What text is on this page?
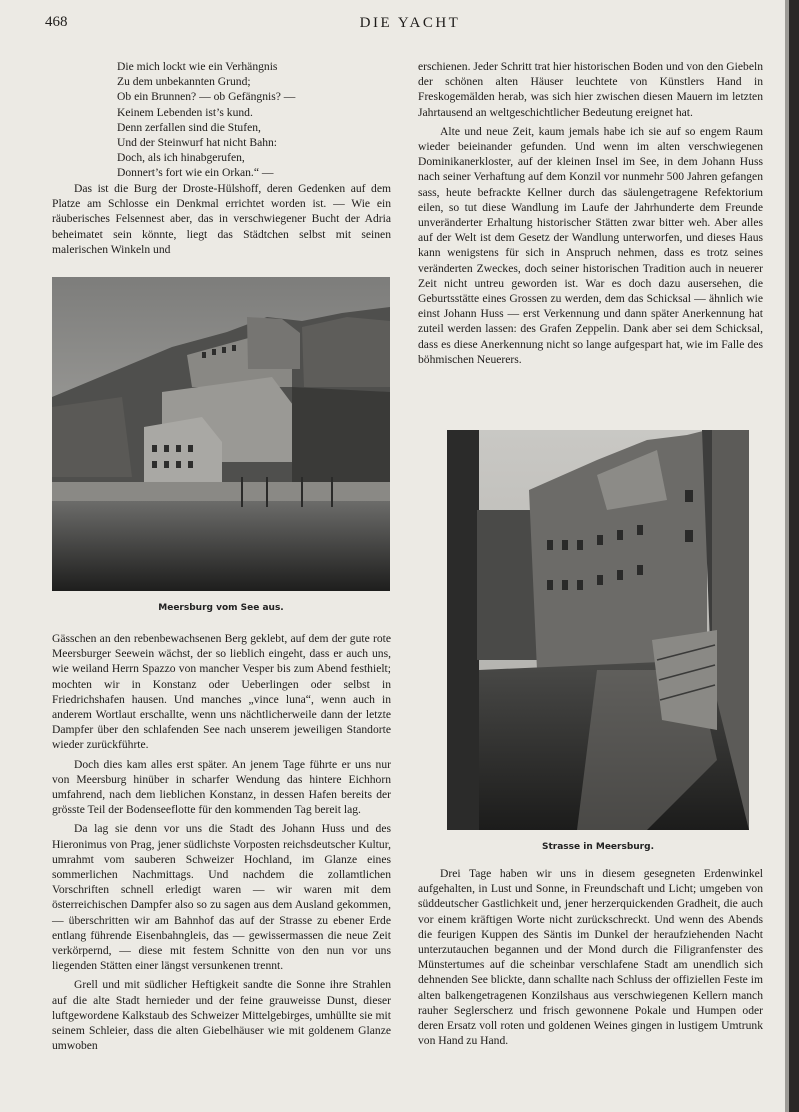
468	DIE YACHT
Die mich lockt wie ein Verhängnis
Zu dem unbekannten Grund;
Ob ein Brunnen? — ob Gefängnis? —
Keinem Lebenden ist’s kund.
Denn zerfallen sind die Stufen,
Und der Steinwurf hat nicht Bahn:
Doch, als ich hinabgerufen,
Donnert’s fort wie ein Orkan.“ —

Das ist die Burg der Droste-Hülshoff, deren Gedenken auf dem Platze am Schlosse ein Denkmal errichtet worden ist. — Wie ein räuberisches Felsennest aber, das in verschwiegener Bucht der Adria beheimatet sein könnte, liegt das Städtchen selbst mit seinen malerischen Winkeln und

Meersburg vom See aus.

Gässchen an den rebenbewachsenen Berg geklebt, auf dem der gute rote Meersburger Seewein wächst, der so lieblich eingeht, dass er auch uns, wie weiland Herrn Spazzo von mancher Vesper bis zum Abend festhielt; mochten wir in Konstanz oder Ueberlingen oder selbst in Friedrichshafen hausen. Und manches „vince luna“, wenn auch in anderem Wortlaut erschallte, wenn uns nächtlicherweile dann der letzte Dampfer über den schlafenden See nach unserem jeweiligen Standorte wieder zurückführte.

Doch dies kam alles erst später. An jenem Tage führte er uns nur von Meersburg hinüber in scharfer Wendung das hintere Eichhorn umfahrend, nach dem lieblichen Konstanz, in dessen Hafen bereits der grösste Teil der Bodenseeflotte für den kommenden Tag bereit lag.

Da lag sie denn vor uns die Stadt des Johann Huss und des Hieronimus von Prag, jener südlichste Vorposten reichsdeutscher Kultur, umrahmt vom sauberen Schweizer Hochland, im Glanze eines sommerlichen Nachmittags. Und nachdem die zollamtlichen Vorschriften schnell erledigt waren — wir waren mit dem österreichischen Dampfer also so zu sagen aus dem Ausland gekommen, — überschritten wir am Bahnhof das auf der Strasse zu ebener Erde entlang führende Eisenbahngleis, das — gewissermassen die neue Zeit verkörpernd, — diese mit festem Schnitte von den nun vor uns liegenden Stätten einer längst versunkenen trennt.

Grell und mit südlicher Heftigkeit sandte die Sonne ihre Strahlen auf die alte Stadt hernieder und der feine grauweisse Dunst, dieser luftgewordene Kalkstaub des Schweizer Mittelgebirges, umhüllte sie mit seinem Schleier, dass die alten Giebelhäuser wie mit goldenem Glanze umwoben

erschienen. Jeder Schritt trat hier historischen Boden und von den Giebeln der schönen alten Häuser leuchtete von Künstlers Hand in Freskogemälden herab, was sich hier zwischen diesen Mauern im letzten Jahrtausend an weltgeschichtlicher Bedeutung ereignet hat.

Alte und neue Zeit, kaum jemals habe ich sie auf so engem Raum wieder beieinander gefunden. Und wenn im alten verschwiegenen Dominikanerkloster, auf der kleinen Insel im See, in dem Johann Huss nach seiner Verhaftung auf dem Konzil vor nunmehr 500 Jahren gefangen sass, heute befrackte Kellner durch das säulengetragene Refektorium eilen, so tut diese Wandlung im Laufe der Jahrhunderte dem Freunde unveränderter Erhaltung historischer Stätten zwar bitter weh. Aber alles auf der Welt ist dem Gesetz der Wandlung unterworfen, und dieses Haus kann wenigstens für sich in Anspruch nehmen, dass es trotz seines veränderten Zweckes, doch seiner historischen Tradition auch in neuerer Zeit nicht untreu geworden ist. War es doch dazu ausersehen, die Geburtsstätte eines Grossen zu werden, dem das Schicksal — ähnlich wie einst Johann Huss — erst Verkennung und dann später Anerkennung hat zuteil werden lassen: des Grafen Zeppelin. Dank aber sei dem Schicksal, dass es diese Anerkennung nicht so lange aufgespart hat, wie im Falle des böhmischen Neuerers.

Strasse in Meersburg.

Drei Tage haben wir uns in diesem gesegneten Erdenwinkel aufgehalten, in Lust und Sonne, in Freundschaft und Licht; umgeben von süddeutscher Gastlichkeit und, jener herzerquickenden Gradheit, die auch vor einem kräftigen Worte nicht zurückschreckt. Und wenn des Abends die feurigen Kuppen des Säntis im Dunkel der heraufziehenden Nacht unterzutauchen begannen und der Mond durch die Filigranfenster des Münstertumes auf die scheinbar verschlafene Stadt am unendlich sich dehnenden See blickte, dann schallte nach Schluss der offiziellen Feste im alten balkengetragenen Konzilshaus aus verschwiegenen Kellern manch rauher Seglerscherz und frisch gewonnene Pokale und Humpen oder deren Ersatz voll roten und goldenen Weines gingen in lustigem Umtrunk von Hand zu Hand.
